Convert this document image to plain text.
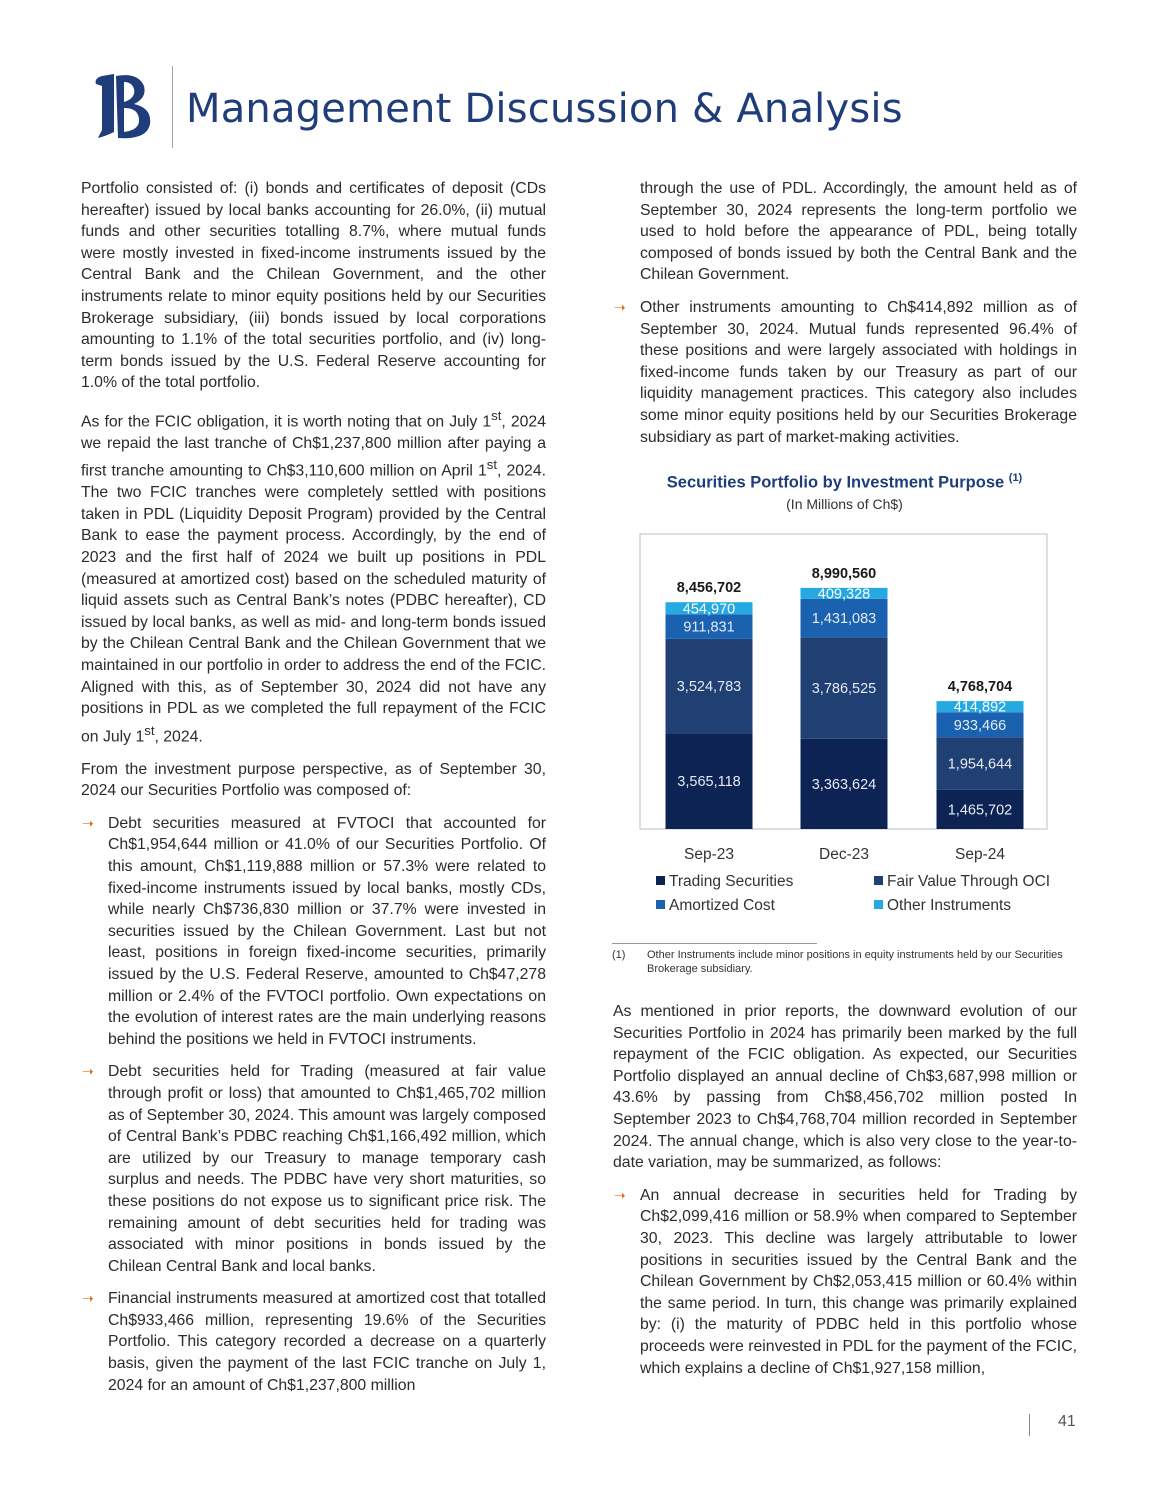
B Management Discussion & Analysis

Portfolio consisted of: (i) bonds and certificates of deposit (CDs hereafter) issued by local banks accounting for 26.0%, (ii) mutual funds and other securities totalling 8.7%, where mutual funds were mostly invested in fixed-income instruments issued by the Central Bank and the Chilean Government, and the other instruments relate to minor equity positions held by our Securities Brokerage subsidiary, (iii) bonds issued by local corporations amounting to 1.1% of the total securities portfolio, and (iv) long-term bonds issued by the U.S. Federal Reserve accounting for 1.0% of the total portfolio.

As for the FCIC obligation, it is worth noting that on July 1st, 2024 we repaid the last tranche of Ch$1,237,800 million after paying a first tranche amounting to Ch$3,110,600 million on April 1st, 2024. The two FCIC tranches were completely settled with positions taken in PDL (Liquidity Deposit Program) provided by the Central Bank to ease the payment process. Accordingly, by the end of 2023 and the first half of 2024 we built up positions in PDL (measured at amortized cost) based on the scheduled maturity of liquid assets such as Central Bank’s notes (PDBC hereafter), CD issued by local banks, as well as mid- and long-term bonds issued by the Chilean Central Bank and the Chilean Government that we maintained in our portfolio in order to address the end of the FCIC. Aligned with this, as of September 30, 2024 did not have any positions in PDL as we completed the full repayment of the FCIC on July 1st, 2024.

From the investment purpose perspective, as of September 30, 2024 our Securities Portfolio was composed of:

➝ Debt securities measured at FVTOCI that accounted for Ch$1,954,644 million or 41.0% of our Securities Portfolio. Of this amount, Ch$1,119,888 million or 57.3% were related to fixed-income instruments issued by local banks, mostly CDs, while nearly Ch$736,830 million or 37.7% were invested in securities issued by the Chilean Government. Last but not least, positions in foreign fixed-income securities, primarily issued by the U.S. Federal Reserve, amounted to Ch$47,278 million or 2.4% of the FVTOCI portfolio. Own expectations on the evolution of interest rates are the main underlying reasons behind the positions we held in FVTOCI instruments.
➝ Debt securities held for Trading (measured at fair value through profit or loss) that amounted to Ch$1,465,702 million as of September 30, 2024. This amount was largely composed of Central Bank’s PDBC reaching Ch$1,166,492 million, which are utilized by our Treasury to manage temporary cash surplus and needs. The PDBC have very short maturities, so these positions do not expose us to significant price risk. The remaining amount of debt securities held for trading was associated with minor positions in bonds issued by the Chilean Central Bank and local banks.
➝ Financial instruments measured at amortized cost that totalled Ch$933,466 million, representing 19.6% of the Securities Portfolio. This category recorded a decrease on a quarterly basis, given the payment of the last FCIC tranche on July 1, 2024 for an amount of Ch$1,237,800 million

through the use of PDL. Accordingly, the amount held as of September 30, 2024 represents the long-term portfolio we used to hold before the appearance of PDL, being totally composed of bonds issued by both the Central Bank and the Chilean Government.

➝ Other instruments amounting to Ch$414,892 million as of September 30, 2024. Mutual funds represented 96.4% of these positions and were largely associated with holdings in fixed-income funds taken by our Treasury as part of our liquidity management practices. This category also includes some minor equity positions held by our Securities Brokerage subsidiary as part of market-making activities.
Securities Portfolio by Investment Purpose $^{(1)}$
(In Millions of Ch$)
3,565,118
3,524,783
911,831
454,970
8,456,702
Sep-23
3,363,624
3,786,525
1,431,083
409,328
8,990,560
Dec-23
1,465,702
1,954,644
933,466
414,892
4,768,704
Sep-24
Trading Securities	Fair Value Through OCI
Amortized Cost	Other Instruments
(1)	Other Instruments include minor positions in equity instruments held by our Securities Brokerage subsidiary.

As mentioned in prior reports, the downward evolution of our Securities Portfolio in 2024 has primarily been marked by the full repayment of the FCIC obligation. As expected, our Securities Portfolio displayed an annual decline of Ch$3,687,998 million or 43.6% by passing from Ch$8,456,702 million posted In September 2023 to Ch$4,768,704 million recorded in September 2024. The annual change, which is also very close to the year-to-date variation, may be summarized, as follows:

➝ An annual decrease in securities held for Trading by Ch$2,099,416 million or 58.9% when compared to September 30, 2023. This decline was largely attributable to lower positions in securities issued by the Central Bank and the Chilean Government by Ch$2,053,415 million or 60.4% within the same period. In turn, this change was primarily explained by: (i) the maturity of PDBC held in this portfolio whose proceeds were reinvested in PDL for the payment of the FCIC, which explains a decline of Ch$1,927,158 million,
41
